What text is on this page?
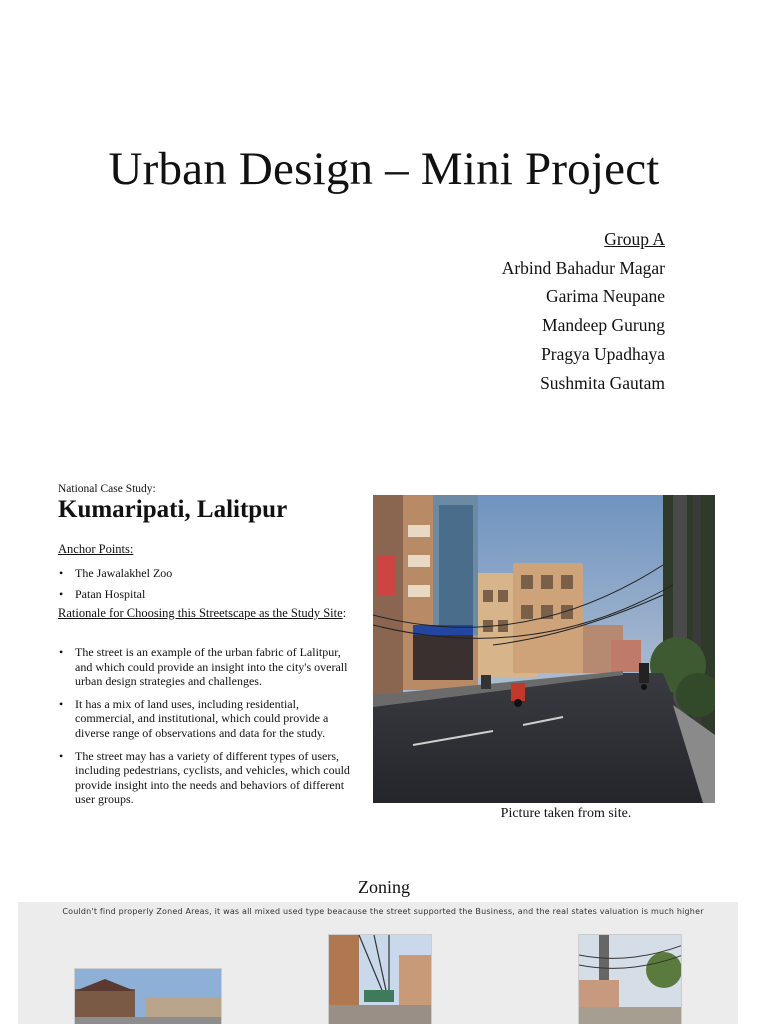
Urban Design – Mini Project
Group A
Arbind Bahadur Magar
Garima Neupane
Mandeep Gurung
Pragya Upadhaya
Sushmita Gautam
National Case Study:
Kumaripati, Lalitpur
Anchor Points:
• The Jawalakhel Zoo
• Patan Hospital
Rationale for Choosing this Streetscape as the Study Site:
• The street is an example of the urban fabric of Lalitpur, and which could provide an insight into the city's overall urban design strategies and challenges.
• It has a mix of land uses, including residential, commercial, and institutional, which could provide a diverse range of observations and data for the study.
• The street may has a variety of different types of users, including pedestrians, cyclists, and vehicles, which could provide insight into the needs and behaviors of different user groups.
Picture taken from site.
Zoning
Couldn't find properly Zoned Areas, it was all mixed used type beacause the street supported the Business, and the real states valuation is much higher
